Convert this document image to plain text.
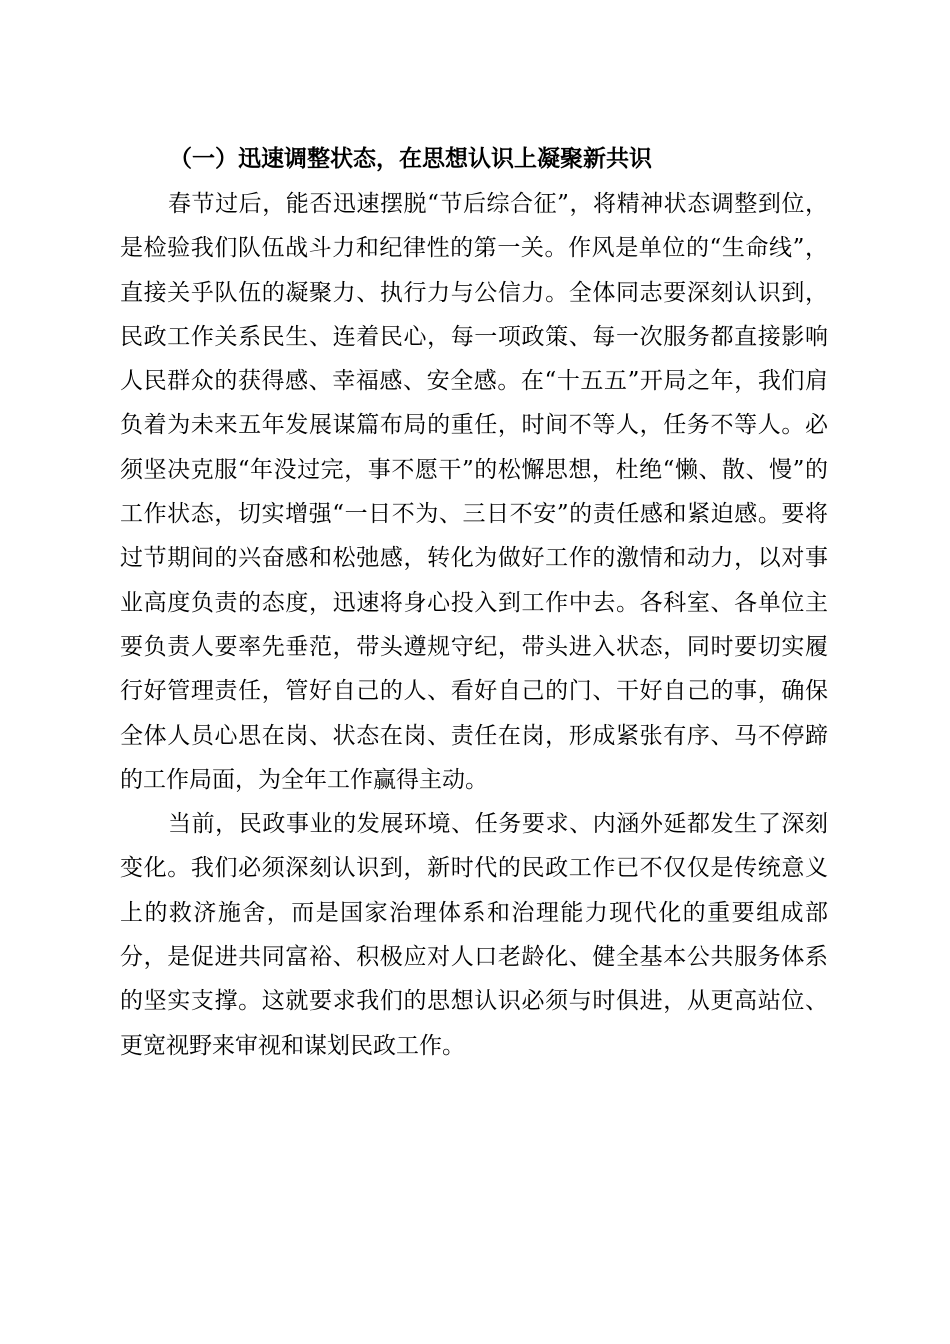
（一）迅速调整状态，在思想认识上凝聚新共识

春节过后，能否迅速摆脱“节后综合征”，将精神状态调整到位，是检验我们队伍战斗力和纪律性的第一关。作风是单位的“生命线”，直接关乎队伍的凝聚力、执行力与公信力。全体同志要深刻认识到，民政工作关系民生、连着民心，每一项政策、每一次服务都直接影响人民群众的获得感、幸福感、安全感。在“十五五”开局之年，我们肩负着为未来五年发展谋篇布局的重任，时间不等人，任务不等人。必须坚决克服“年没过完，事不愿干”的松懈思想，杜绝“懒、散、慢”的工作状态，切实增强“一日不为、三日不安”的责任感和紧迫感。要将过节期间的兴奋感和松弛感，转化为做好工作的激情和动力，以对事业高度负责的态度，迅速将身心投入到工作中去。各科室、各单位主要负责人要率先垂范，带头遵规守纪，带头进入状态，同时要切实履行好管理责任，管好自己的人、看好自己的门、干好自己的事，确保全体人员心思在岗、状态在岗、责任在岗，形成紧张有序、马不停蹄的工作局面，为全年工作赢得主动。

当前，民政事业的发展环境、任务要求、内涵外延都发生了深刻变化。我们必须深刻认识到，新时代的民政工作已不仅仅是传统意义上的救济施舍，而是国家治理体系和治理能力现代化的重要组成部分，是促进共同富裕、积极应对人口老龄化、健全基本公共服务体系的坚实支撑。这就要求我们的思想认识必须与时俱进，从更高站位、更宽视野来审视和谋划民政工作。
